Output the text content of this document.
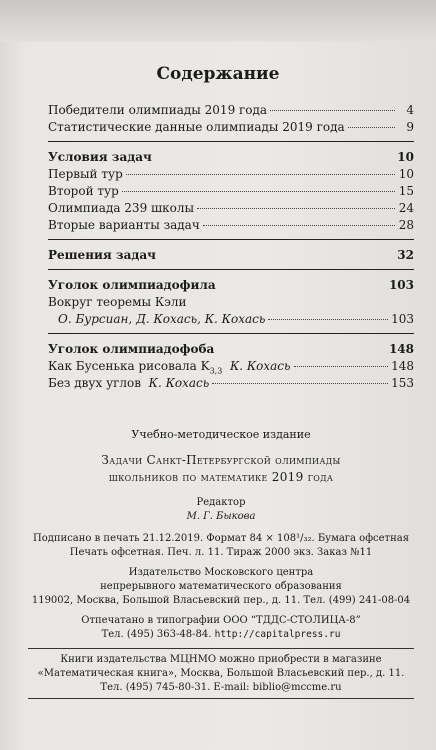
Содержание
Победители олимпиады 2019 года	4
Статистические данные олимпиады 2019 года	9
Условия задач	10
Первый тур	10
Второй тур	15
Олимпиада 239 школы	24
Вторые варианты задач	28
Решения задач	32
Уголок олимпиадофила	103
Вокруг теоремы Кэли
О. Бурсиан, Д. Кохась, К. Кохась	103
Уголок олимпиадофоба	148
Как Бусенька рисовала $K_{3,3}$ К. Кохась	148
Без двух углов К. Кохась	153
Учебно-методическое издание
Задачи Санкт-Петербургской олимпиады
школьников по математике 2019 года
Редактор
М. Г. Быкова
Подписано в печать 21.12.2019. Формат 84 × 108¹/₃₂. Бумага офсетная
Печать офсетная. Печ. л. 11. Тираж 2000 экз. Заказ №11
Издательство Московского центра
непрерывного математического образования
119002, Москва, Большой Власьевский пер., д. 11. Тел. (499) 241-08-04
Отпечатано в типографии ООО “ТДДС-СТОЛИЦА-8”
Тел. (495) 363-48-84. http://capitalpress.ru
Книги издательства МЦНМО можно приобрести в магазине
«Математическая книга», Москва, Большой Власьевский пер., д. 11.
Тел. (495) 745-80-31. E-mail: biblio@mccme.ru
